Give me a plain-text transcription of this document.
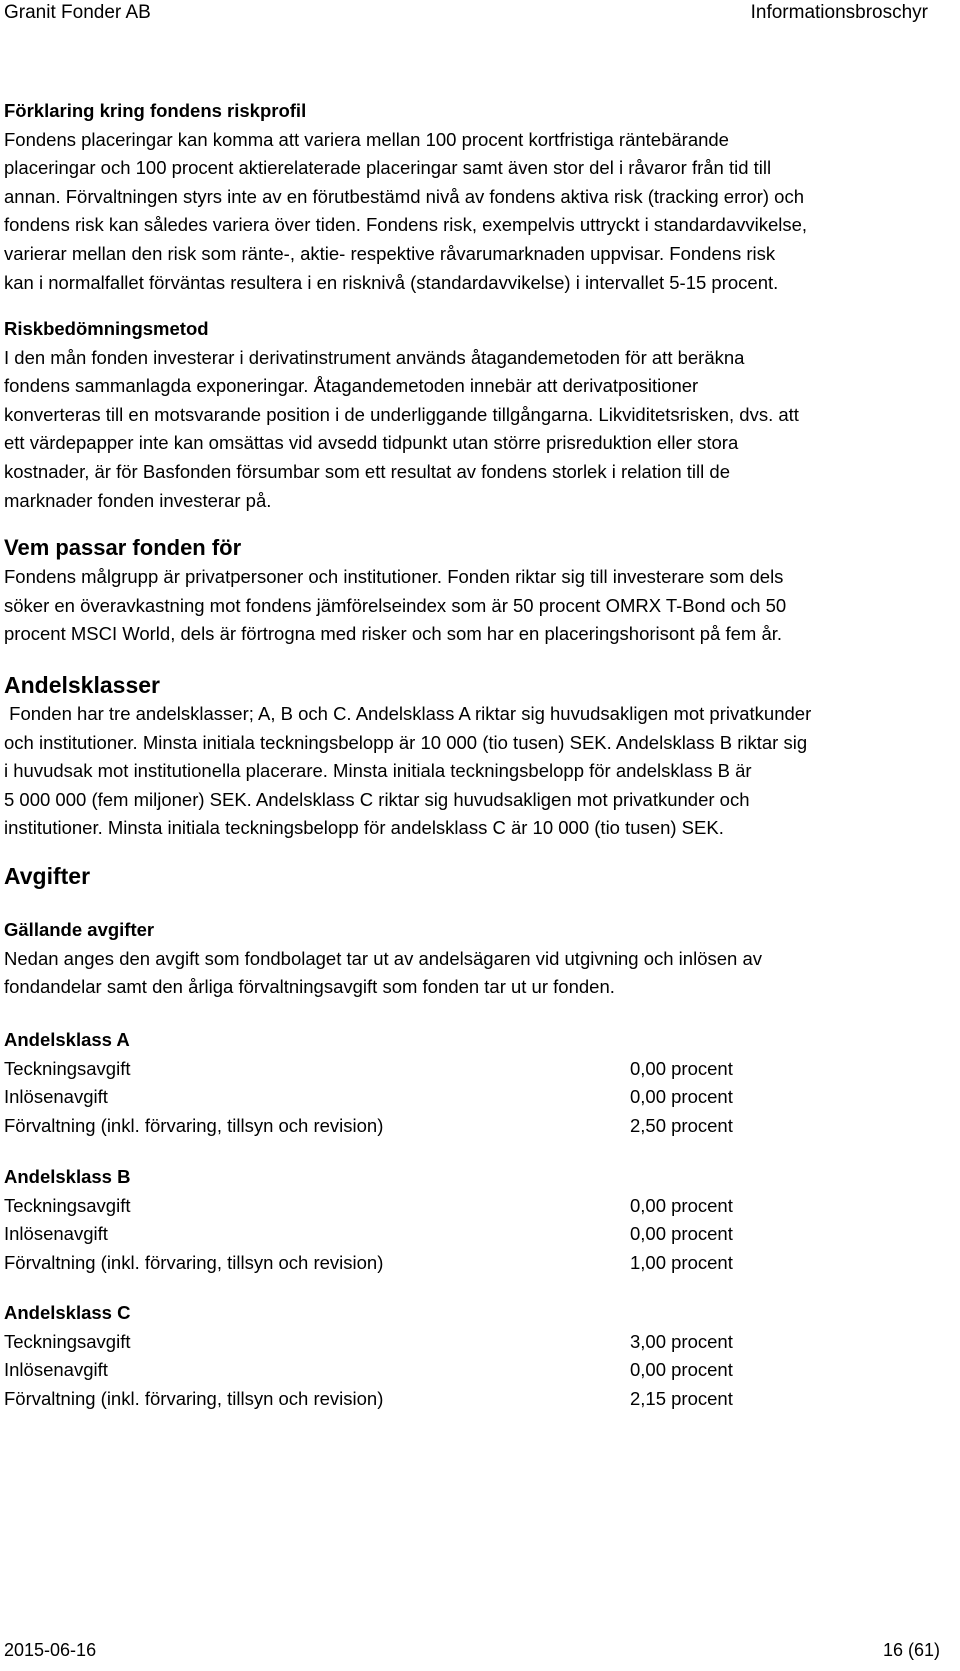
Granit Fonder AB	Informationsbroschyr

Förklaring kring fondens riskprofil

Fondens placeringar kan komma att variera mellan 100 procent kortfristiga räntebärande

placeringar och 100 procent aktierelaterade placeringar samt även stor del i råvaror från tid till

annan. Förvaltningen styrs inte av en förutbestämd nivå av fondens aktiva risk (tracking error) och

fondens risk kan således variera över tiden. Fondens risk, exempelvis uttryckt i standardavvikelse,

varierar mellan den risk som ränte-, aktie- respektive råvarumarknaden uppvisar. Fondens risk

kan i normalfallet förväntas resultera i en risknivå (standardavvikelse) i intervallet 5-15 procent.

Riskbedömningsmetod

I den mån fonden investerar i derivatinstrument används åtagandemetoden för att beräkna

fondens sammanlagda exponeringar. Åtagandemetoden innebär att derivatpositioner

konverteras till en motsvarande position i de underliggande tillgångarna. Likviditetsrisken, dvs. att

ett värdepapper inte kan omsättas vid avsedd tidpunkt utan större prisreduktion eller stora

kostnader, är för Basfonden försumbar som ett resultat av fondens storlek i relation till de

marknader fonden investerar på.

Vem passar fonden för

Fondens målgrupp är privatpersoner och institutioner. Fonden riktar sig till investerare som dels

söker en överavkastning mot fondens jämförelseindex som är 50 procent OMRX T-Bond och 50

procent MSCI World, dels är förtrogna med risker och som har en placeringshorisont på fem år.

Andelsklasser

Fonden har tre andelsklasser; A, B och C. Andelsklass A riktar sig huvudsakligen mot privatkunder

och institutioner. Minsta initiala teckningsbelopp är 10 000 (tio tusen) SEK. Andelsklass B riktar sig

i huvudsak mot institutionella placerare. Minsta initiala teckningsbelopp för andelsklass B är

5 000 000 (fem miljoner) SEK. Andelsklass C riktar sig huvudsakligen mot privatkunder och

institutioner. Minsta initiala teckningsbelopp för andelsklass C är 10 000 (tio tusen) SEK.

Avgifter

Gällande avgifter

Nedan anges den avgift som fondbolaget tar ut av andelsägaren vid utgivning och inlösen av

fondandelar samt den årliga förvaltningsavgift som fonden tar ut ur fonden.

Andelsklass A

Teckningsavgift	0,00 procent
Inlösenavgift	0,00 procent
Förvaltning (inkl. förvaring, tillsyn och revision)	2,50 procent

Andelsklass B

Teckningsavgift	0,00 procent
Inlösenavgift	0,00 procent
Förvaltning (inkl. förvaring, tillsyn och revision)	1,00 procent

Andelsklass C

Teckningsavgift	3,00 procent
Inlösenavgift	0,00 procent
Förvaltning (inkl. förvaring, tillsyn och revision)	2,15 procent
2015-06-16	16 (61)
